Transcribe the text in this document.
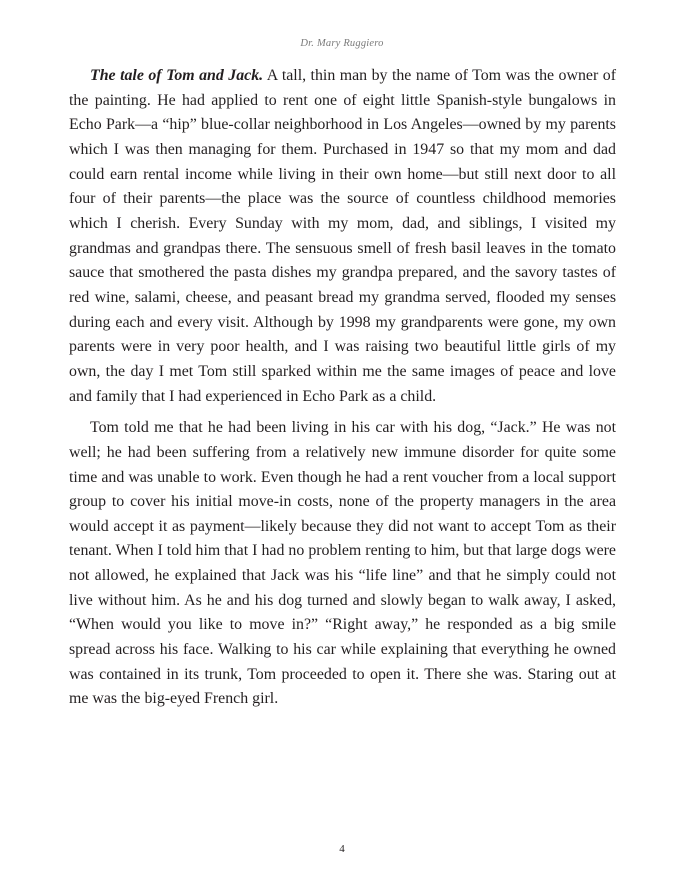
Dr. Mary Ruggiero

The tale of Tom and Jack. A tall, thin man by the name of Tom was the owner of the painting. He had applied to rent one of eight little Spanish-style bungalows in Echo Park—a “hip” blue-collar neighborhood in Los Angeles—owned by my parents which I was then managing for them. Purchased in 1947 so that my mom and dad could earn rental income while living in their own home—but still next door to all four of their parents—the place was the source of countless childhood memories which I cherish. Every Sunday with my mom, dad, and siblings, I visited my grandmas and grandpas there. The sensuous smell of fresh basil leaves in the tomato sauce that smothered the pasta dishes my grandpa prepared, and the savory tastes of red wine, salami, cheese, and peasant bread my grandma served, flooded my senses during each and every visit. Although by 1998 my grandparents were gone, my own parents were in very poor health, and I was raising two beautiful little girls of my own, the day I met Tom still sparked within me the same images of peace and love and family that I had experienced in Echo Park as a child.

Tom told me that he had been living in his car with his dog, “Jack.” He was not well; he had been suffering from a relatively new immune disorder for quite some time and was unable to work. Even though he had a rent voucher from a local support group to cover his initial move-in costs, none of the property managers in the area would accept it as payment—likely because they did not want to accept Tom as their tenant. When I told him that I had no problem renting to him, but that large dogs were not allowed, he explained that Jack was his “life line” and that he simply could not live without him. As he and his dog turned and slowly began to walk away, I asked, “When would you like to move in?” “Right away,” he responded as a big smile spread across his face. Walking to his car while explaining that everything he owned was contained in its trunk, Tom proceeded to open it. There she was. Staring out at me was the big-eyed French girl.

4
